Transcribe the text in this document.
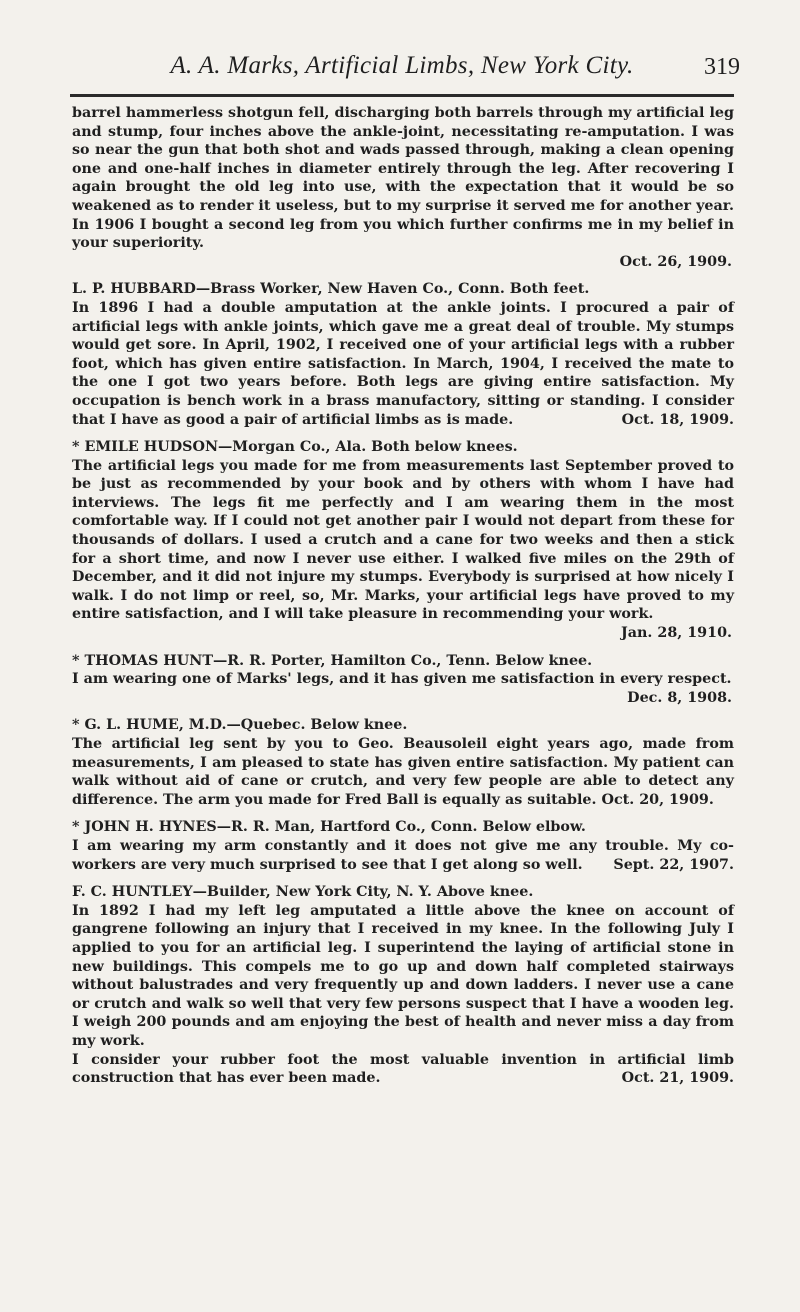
A. A. Marks, Artificial Limbs, New York City.	319

barrel hammerless shotgun fell, discharging both barrels through my artificial leg and stump, four inches above the ankle-joint, necessitating re-amputation. I was so near the gun that both shot and wads passed through, making a clean opening one and one-half inches in diameter entirely through the leg. After recovering I again brought the old leg into use, with the expectation that it would be so weakened as to render it useless, but to my surprise it served me for another year. In 1906 I bought a second leg from you which further confirms me in my belief in your superiority.

Oct. 26, 1909.

L. P. HUBBARD—Brass Worker, New Haven Co., Conn. Both feet.

In 1896 I had a double amputation at the ankle joints. I procured a pair of artificial legs with ankle joints, which gave me a great deal of trouble. My stumps would get sore. In April, 1902, I received one of your artificial legs with a rubber foot, which has given entire satisfaction. In March, 1904, I received the mate to the one I got two years before. Both legs are giving entire satisfaction. My occupation is bench work in a brass manufactory, sitting or standing. I consider that I have as good a pair of artificial limbs as is made.	Oct. 18, 1909.

* EMILE HUDSON—Morgan Co., Ala. Both below knees.

The artificial legs you made for me from measurements last September proved to be just as recommended by your book and by others with whom I have had interviews. The legs fit me perfectly and I am wearing them in the most comfortable way. If I could not get another pair I would not depart from these for thousands of dollars. I used a crutch and a cane for two weeks and then a stick for a short time, and now I never use either. I walked five miles on the 29th of December, and it did not injure my stumps. Everybody is surprised at how nicely I walk. I do not limp or reel, so, Mr. Marks, your artificial legs have proved to my entire satisfaction, and I will take pleasure in recommending your work.

Jan. 28, 1910.

* THOMAS HUNT—R. R. Porter, Hamilton Co., Tenn. Below knee.

I am wearing one of Marks' legs, and it has given me satisfaction in every respect.

Dec. 8, 1908.

* G. L. HUME, M.D.—Quebec. Below knee.

The artificial leg sent by you to Geo. Beausoleil eight years ago, made from measurements, I am pleased to state has given entire satisfaction. My patient can walk without aid of cane or crutch, and very few people are able to detect any difference. The arm you made for Fred Ball is equally as suitable. Oct. 20, 1909.

* JOHN H. HYNES—R. R. Man, Hartford Co., Conn. Below elbow.

I am wearing my arm constantly and it does not give me any trouble. My co-workers are very much surprised to see that I get along so well. Sept. 22, 1907.

F. C. HUNTLEY—Builder, New York City, N. Y. Above knee.

In 1892 I had my left leg amputated a little above the knee on account of gangrene following an injury that I received in my knee. In the following July I applied to you for an artificial leg. I superintend the laying of artificial stone in new buildings. This compels me to go up and down half completed stairways without balustrades and very frequently up and down ladders. I never use a cane or crutch and walk so well that very few persons suspect that I have a wooden leg. I weigh 200 pounds and am enjoying the best of health and never miss a day from my work.

I consider your rubber foot the most valuable invention in artificial limb construction that has ever been made.	Oct. 21, 1909.
